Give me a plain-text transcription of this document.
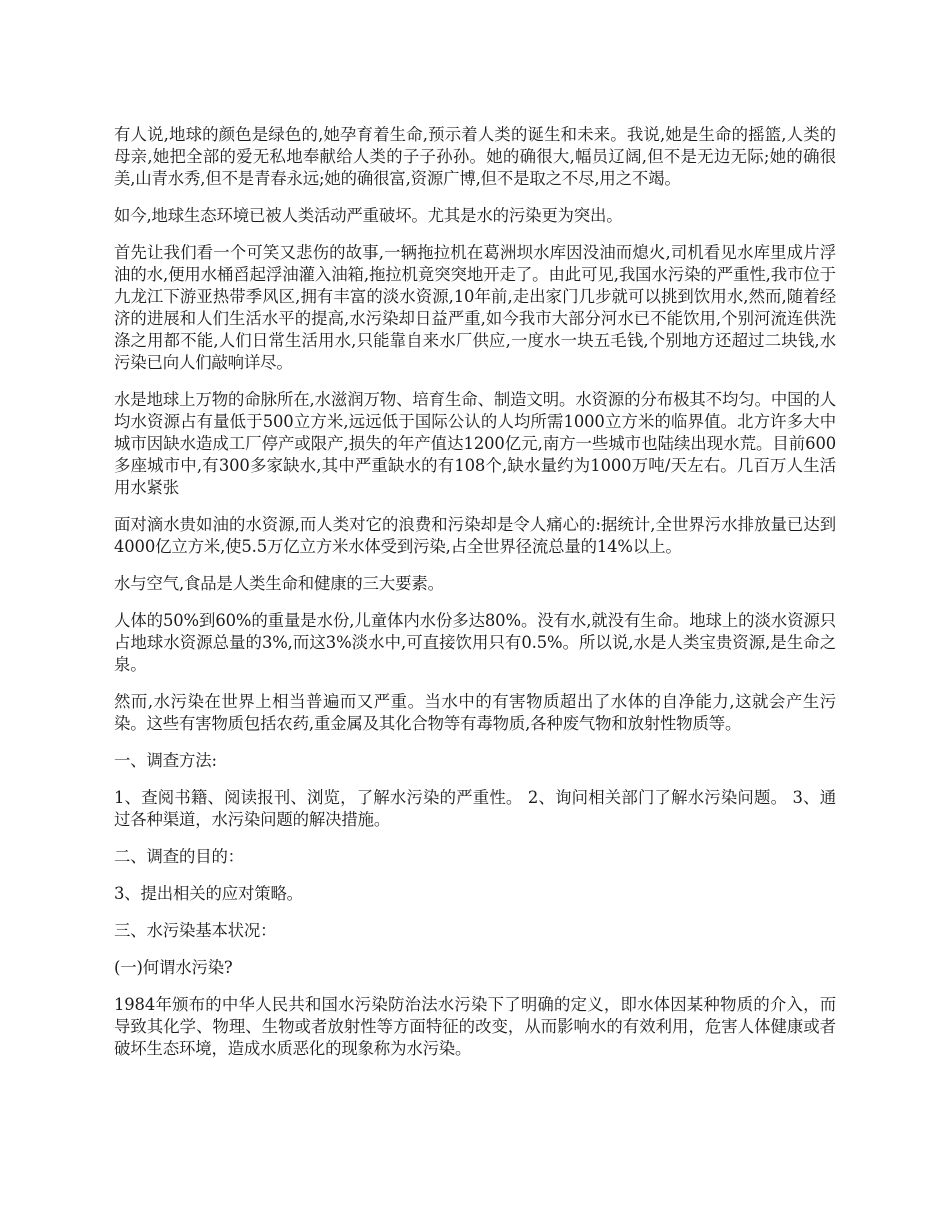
有人说,地球的颜色是绿色的,她孕育着生命,预示着人类的诞生和未来。我说,她是生命的摇篮,人类的母亲,她把全部的爱无私地奉献给人类的子子孙孙。她的确很大,幅员辽阔,但不是无边无际;她的确很美,山青水秀,但不是青春永远;她的确很富,资源广博,但不是取之不尽,用之不竭。

如今,地球生态环境已被人类活动严重破坏。尤其是水的污染更为突出。

首先让我们看一个可笑又悲伤的故事,一辆拖拉机在葛洲坝水库因没油而熄火,司机看见水库里成片浮油的水,便用水桶舀起浮油灌入油箱,拖拉机竟突突地开走了。由此可见,我国水污染的严重性,我市位于九龙江下游亚热带季风区,拥有丰富的淡水资源,10年前,走出家门几步就可以挑到饮用水,然而,随着经济的进展和人们生活水平的提高,水污染却日益严重,如今我市大部分河水已不能饮用,个别河流连供洗涤之用都不能,人们日常生活用水,只能靠自来水厂供应,一度水一块五毛钱,个别地方还超过二块钱,水污染已向人们敲响详尽。

水是地球上万物的命脉所在,水滋润万物、培育生命、制造文明。水资源的分布极其不均匀。中国的人均水资源占有量低于500立方米,远远低于国际公认的人均所需1000立方米的临界值。北方许多大中城市因缺水造成工厂停产或限产,损失的年产值达1200亿元,南方一些城市也陆续出现水荒。目前600多座城市中,有300多家缺水,其中严重缺水的有108个,缺水量约为1000万吨/天左右。几百万人生活用水紧张

面对滴水贵如油的水资源,而人类对它的浪费和污染却是令人痛心的:据统计,全世界污水排放量已达到4000亿立方米,使5.5万亿立方米水体受到污染,占全世界径流总量的14%以上。

水与空气,食品是人类生命和健康的三大要素。

人体的50%到60%的重量是水份,儿童体内水份多达80%。没有水,就没有生命。地球上的淡水资源只占地球水资源总量的3%,而这3%淡水中,可直接饮用只有0.5%。所以说,水是人类宝贵资源,是生命之泉。

然而,水污染在世界上相当普遍而又严重。当水中的有害物质超出了水体的自净能力,这就会产生污染。这些有害物质包括农药,重金属及其化合物等有毒物质,各种废气物和放射性物质等。

一、调查方法:

1、查阅书籍、阅读报刊、浏览，了解水污染的严重性。 2、询问相关部门了解水污染问题。 3、通过各种渠道，水污染问题的解决措施。

二、调查的目的：

3、提出相关的应对策略。

三、水污染基本状况：

(一)何谓水污染?

1984年颁布的中华人民共和国水污染防治法水污染下了明确的定义，即水体因某种物质的介入，而导致其化学、物理、生物或者放射性等方面特征的改变，从而影响水的有效利用，危害人体健康或者破坏生态环境，造成水质恶化的现象称为水污染。
